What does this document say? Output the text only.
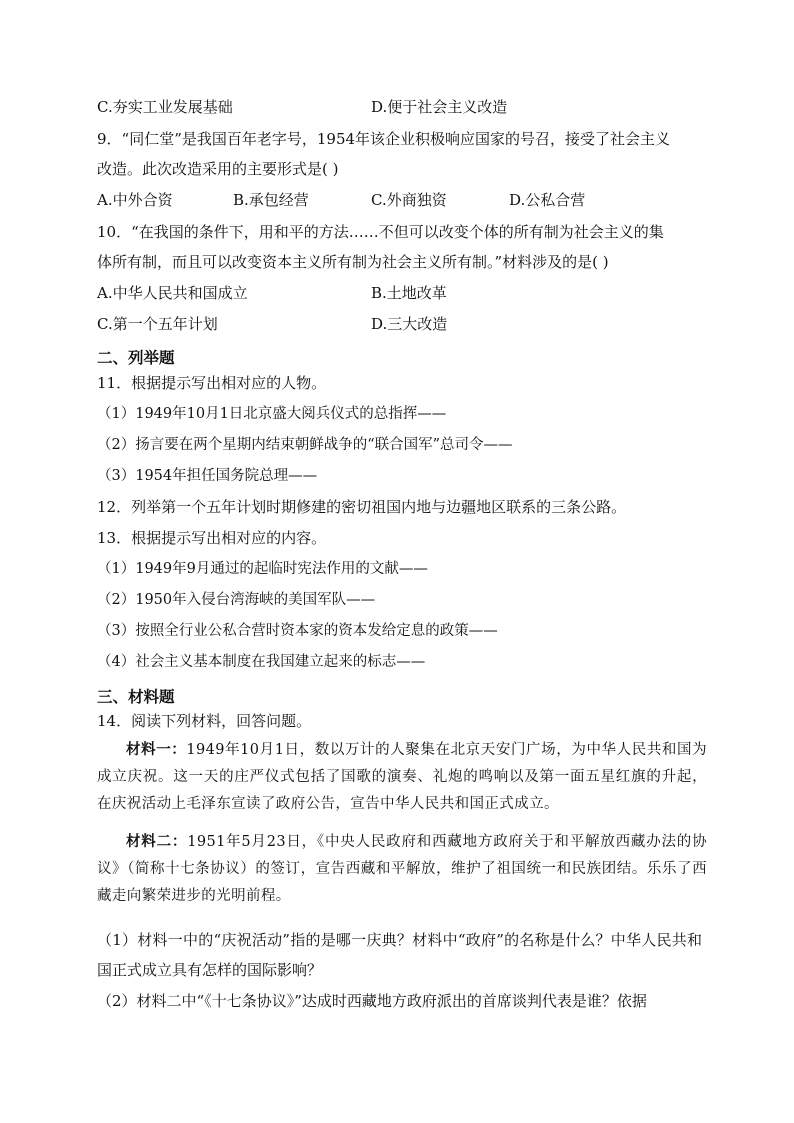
C.夯实工业发展基础	D.便于社会主义改造
9．“同仁堂”是我国百年老字号，1954年该企业积极响应国家的号召，接受了社会主义
改造。此次改造采用的主要形式是( )
A.中外合资	B.承包经营	C.外商独资	D.公私合营
10．“在我国的条件下，用和平的方法……不但可以改变个体的所有制为社会主义的集
体所有制，而且可以改变资本主义所有制为社会主义所有制。”材料涉及的是( )
A.中华人民共和国成立	B.土地改革
C.第一个五年计划	D.三大改造
二、列举题
11．根据提示写出相对应的人物。
（1）1949年10月1日北京盛大阅兵仪式的总指挥——
（2）扬言要在两个星期内结束朝鲜战争的“联合国军”总司令——
（3）1954年担任国务院总理——
12．列举第一个五年计划时期修建的密切祖国内地与边疆地区联系的三条公路。
13．根据提示写出相对应的内容。
（1）1949年9月通过的起临时宪法作用的文献——
（2）1950年入侵台湾海峡的美国军队——
（3）按照全行业公私合营时资本家的资本发给定息的政策——
（4）社会主义基本制度在我国建立起来的标志——
三、材料题
14．阅读下列材料，回答问题。
材料一：1949年10月1日，数以万计的人聚集在北京天安门广场，为中华人民共和国为成立庆祝。这一天的庄严仪式包括了国歌的演奏、礼炮的鸣响以及第一面五星红旗的升起，在庆祝活动上毛泽东宣读了政府公告，宣告中华人民共和国正式成立。
材料二：1951年5月23日，《中央人民政府和西藏地方政府关于和平解放西藏办法的协议》（简称十七条协议）的签订，宣告西藏和平解放，维护了祖国统一和民族团结。乐乐了西藏走向繁荣进步的光明前程。
（1）材料一中的“庆祝活动”指的是哪一庆典？材料中“政府”的名称是什么？中华人民共和国正式成立具有怎样的国际影响？
（2）材料二中“《十七条协议》”达成时西藏地方政府派出的首席谈判代表是谁？依据
